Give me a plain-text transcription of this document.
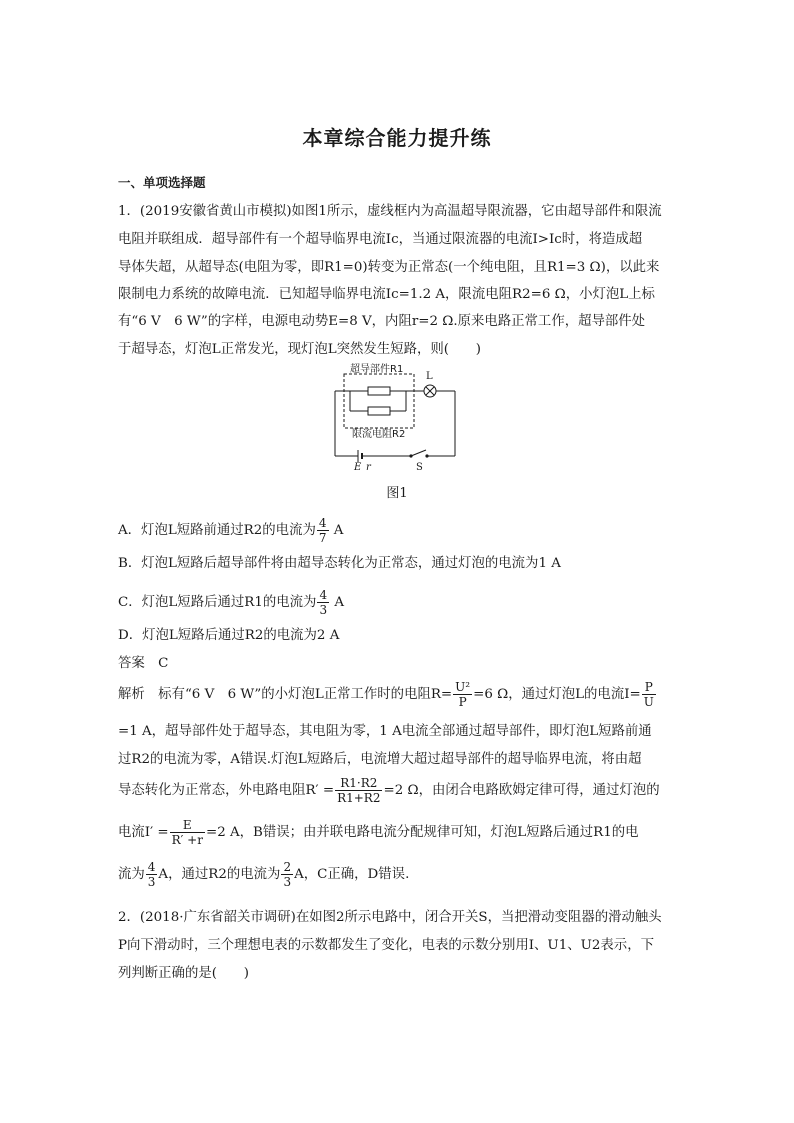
本章综合能力提升练
一、单项选择题
1．(2019安徽省黄山市模拟)如图1所示，虚线框内为高温超导限流器，它由超导部件和限流
电阻并联组成．超导部件有一个超导临界电流Ic，当通过限流器的电流I>Ic时，将造成超
导体失超，从超导态(电阻为零，即R1=0)转变为正常态(一个纯电阻，且R1=3 Ω)，以此来
限制电力系统的故障电流．已知超导临界电流Ic=1.2 A，限流电阻R2=6 Ω，小灯泡L上标
有“6 V　6 W”的字样，电源电动势E=8 V，内阻r=2 Ω.原来电路正常工作，超导部件处
于超导态，灯泡L正常发光，现灯泡L突然发生短路，则(　　)
超导部件R1
限流电阻R2
L
E r	S
图1
A．灯泡L短路前通过R2的电流为 $\frac{4}{7}$ A
B．灯泡L短路后超导部件将由超导态转化为正常态，通过灯泡的电流为1 A
C．灯泡L短路后通过R1的电流为 $\frac{4}{3}$ A
D．灯泡L短路后通过R2的电流为2 A
答案　C
解析　标有“6 V　6 W”的小灯泡L正常工作时的电阻$R= \frac{\text{U²}}{P} =6$ Ω，通过灯泡L的电流$I= \frac{P}{U}$
=1 A，超导部件处于超导态，其电阻为零，1 A电流全部通过超导部件，即灯泡L短路前通
过R2的电流为零，A错误.灯泡L短路后，电流增大超过超导部件的超导临界电流，将由超
导态转化为正常态，外电路电阻$R' = \frac{R1\cdot R2}{R1+R2} =2$ Ω，由闭合电路欧姆定律可得，通过灯泡的
电流$I' = \frac{E}{R' +r} =2$ A，B错误；由并联电路电流分配规律可知，灯泡L短路后通过R1的电
流为 $\frac{4}{3}$ A，通过R2的电流为 $\frac{2}{3}$ A，C正确，D错误.
2．(2018·广东省韶关市调研)在如图2所示电路中，闭合开关S，当把滑动变阻器的滑动触头
P向下滑动时，三个理想电表的示数都发生了变化，电表的示数分别用I、U1、U2表示，下
列判断正确的是(　　)
